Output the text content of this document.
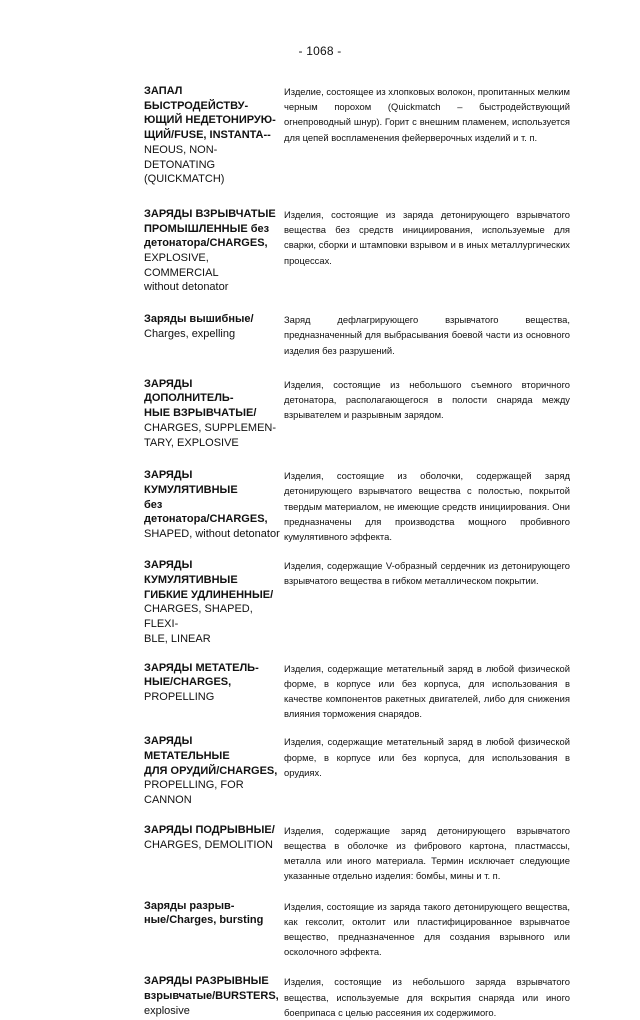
- 1068 -
ЗАПАЛ БЫСТРОДЕЙСТВУ-
ЮЩИЙ НЕДЕТОНИРУЮ-
ЩИЙ/FUSE, INSTANTA--
NEOUS, NON-DETONATING
(QUICKMATCH)
Изделие, состоящее из хлопковых волокон, пропитанных мелким черным порохом (Quickmatch – быстродействующий огнепроводный шнур). Горит с внешним пламенем, используется для цепей воспламенения фейерверочных изделий и т. п.
ЗАРЯДЫ ВЗРЫВЧАТЫЕ
ПРОМЫШЛЕННЫЕ без детонатора/CHARGES,
EXPLOSIVE, COMMERCIAL
without detonator
Изделия, состоящие из заряда детонирующего взрывчатого вещества без средств инициирования, используемые для сварки, сборки и штамповки взрывом и в иных металлургических процессах.
Заряды вышибные/
Charges, expelling
Заряд дефлагрирующего взрывчатого вещества, предназначенный для выбрасывания боевой части из основного изделия без разрушений.
ЗАРЯДЫ ДОПОЛНИТЕЛЬ-
НЫЕ ВЗРЫВЧАТЫЕ/
CHARGES, SUPPLEMEN-
TARY, EXPLOSIVE
Изделия, состоящие из небольшого съемного вторичного детонатора, располагающегося в полости снаряда между взрывателем и разрывным зарядом.
ЗАРЯДЫ КУМУЛЯТИВНЫЕ
без детонатора/CHARGES,
SHAPED, without detonator
Изделия, состоящие из оболочки, содержащей заряд детонирующего взрывчатого вещества с полостью, покрытой твердым материалом, не имеющие средств инициирования. Они предназначены для производства мощного пробивного кумулятивного эффекта.
ЗАРЯДЫ КУМУЛЯТИВНЫЕ
ГИБКИЕ УДЛИНЕННЫЕ/
CHARGES, SHAPED, FLEXI-
BLE, LINEAR
Изделия, содержащие V-образный сердечник из детонирующего взрывчатого вещества в гибком металлическом покрытии.
ЗАРЯДЫ МЕТАТЕЛЬ-
НЫЕ/CHARGES,
PROPELLING
Изделия, содержащие метательный заряд в любой физической форме, в корпусе или без корпуса, для использования в качестве компонентов ракетных двигателей, либо для снижения влияния торможения снарядов.
ЗАРЯДЫ МЕТАТЕЛЬНЫЕ
ДЛЯ ОРУДИЙ/CHARGES,
PROPELLING, FOR CANNON
Изделия, содержащие метательный заряд в любой физической форме, в корпусе или без корпуса, для использования в орудиях.
ЗАРЯДЫ ПОДРЫВНЫЕ/
CHARGES, DEMOLITION
Изделия, содержащие заряд детонирующего взрывчатого вещества в оболочке из фибрового картона, пластмассы, металла или иного материала. Термин исключает следующие указанные отдельно изделия: бомбы, мины и т. п.
Заряды разрыв-
ные/Charges, bursting
Изделия, состоящие из заряда такого детонирующего вещества, как гексолит, октолит или пластифицированное взрывчатое вещество, предназначенное для создания взрывного или осколочного эффекта.
ЗАРЯДЫ РАЗРЫВНЫЕ
взрывчатые/BURSTERS,
explosive
Изделия, состоящие из небольшого заряда взрывчатого вещества, используемые для вскрытия снаряда или иного боеприпаса с целью рассеяния их содержимого.
